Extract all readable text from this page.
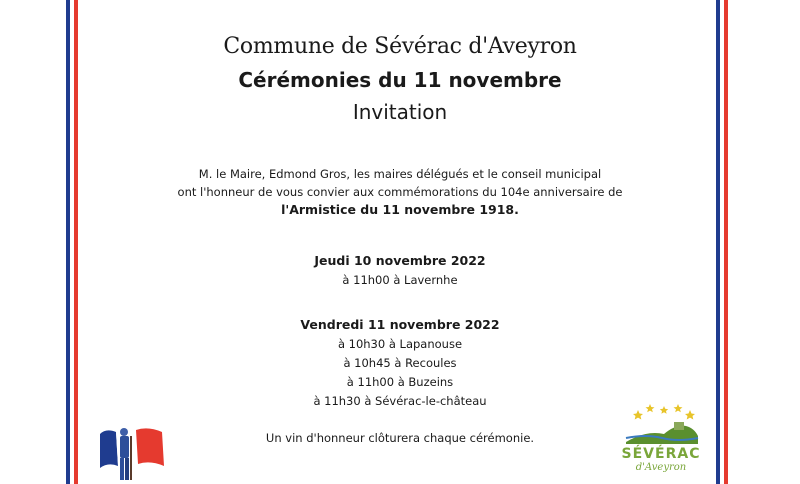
Commune de Sévérac d'Aveyron
Cérémonies du 11 novembre
Invitation
M. le Maire, Edmond Gros, les maires délégués et le conseil municipal
ont l'honneur de vous convier aux commémorations du 104e anniversaire de
l'Armistice du 11 novembre 1918.
Jeudi 10 novembre 2022
à 11h00 à Lavernhe
Vendredi 11 novembre 2022
à 10h30 à Lapanouse
à 10h45 à Recoules
à 11h00 à Buzeins
à 11h30 à Sévérac-le-château
Un vin d'honneur clôturera chaque cérémonie.
SÉVÉRAC
d'Aveyron
